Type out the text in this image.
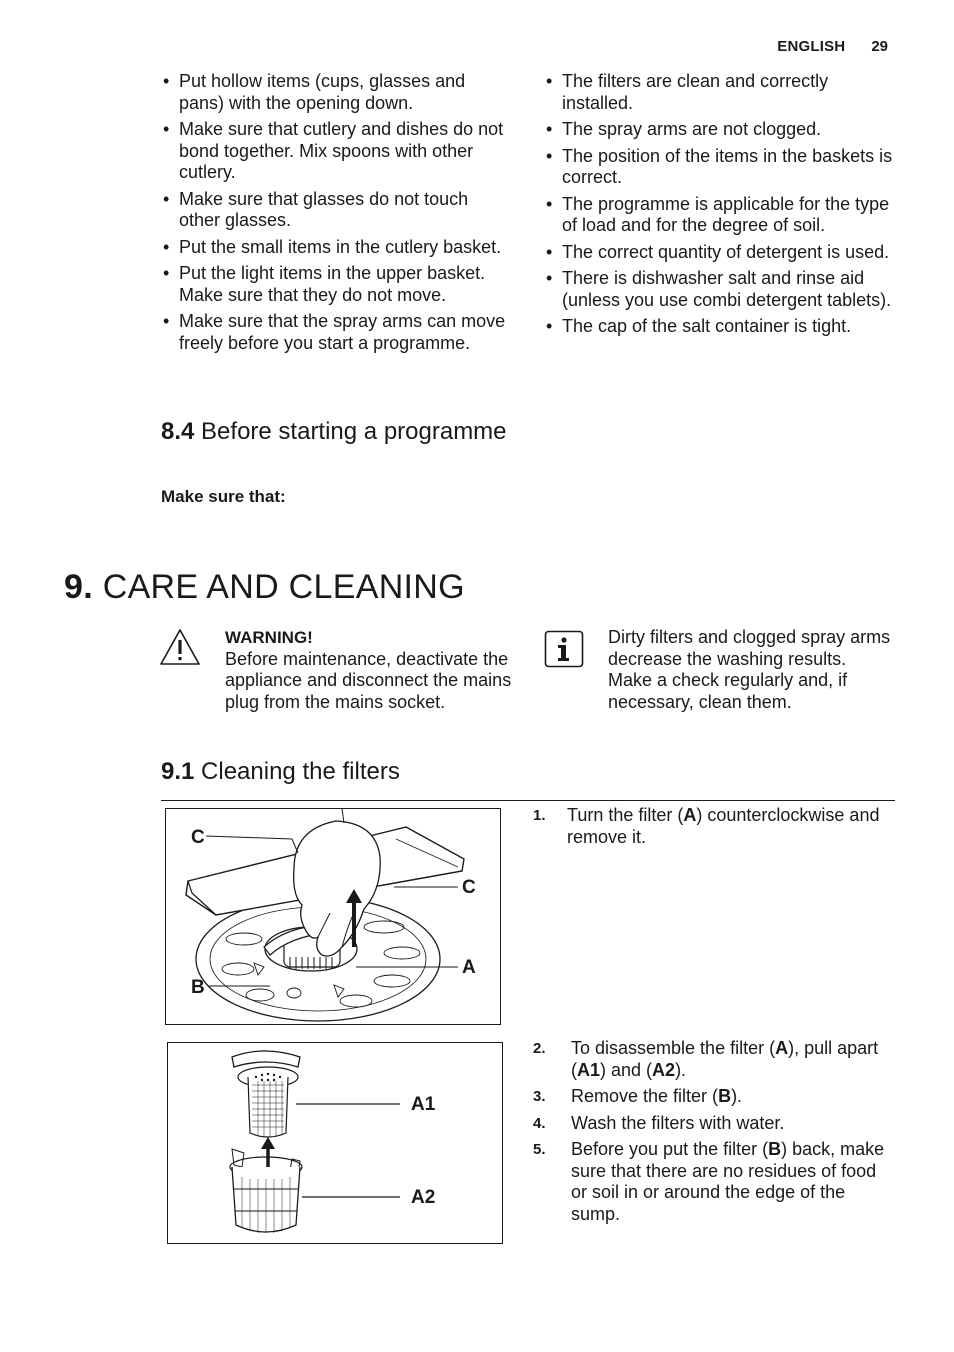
ENGLISH 29
• Put hollow items (cups, glasses and pans) with the opening down.
• Make sure that cutlery and dishes do not bond together. Mix spoons with other cutlery.
• Make sure that glasses do not touch other glasses.
• Put the small items in the cutlery basket.
• Put the light items in the upper basket. Make sure that they do not move.
• Make sure that the spray arms can move freely before you start a programme.
• The filters are clean and correctly installed.
• The spray arms are not clogged.
• The position of the items in the baskets is correct.
• The programme is applicable for the type of load and for the degree of soil.
• The correct quantity of detergent is used.
• There is dishwasher salt and rinse aid (unless you use combi detergent tablets).
• The cap of the salt container is tight.
8.4 Before starting a programme
Make sure that:
9. CARE AND CLEANING
WARNING!
Before maintenance, deactivate the appliance and disconnect the mains plug from the mains socket.
Dirty filters and clogged spray arms decrease the washing results.
Make a check regularly and, if necessary, clean them.
9.1 Cleaning the filters
C
C
A
B
A1
A2
1.	Turn the filter (A) counterclockwise and remove it.
2.	To disassemble the filter (A), pull apart (A1) and (A2).
3.	Remove the filter (B).
4.	Wash the filters with water.
5.	Before you put the filter (B) back, make sure that there are no residues of food or soil in or around the edge of the sump.
